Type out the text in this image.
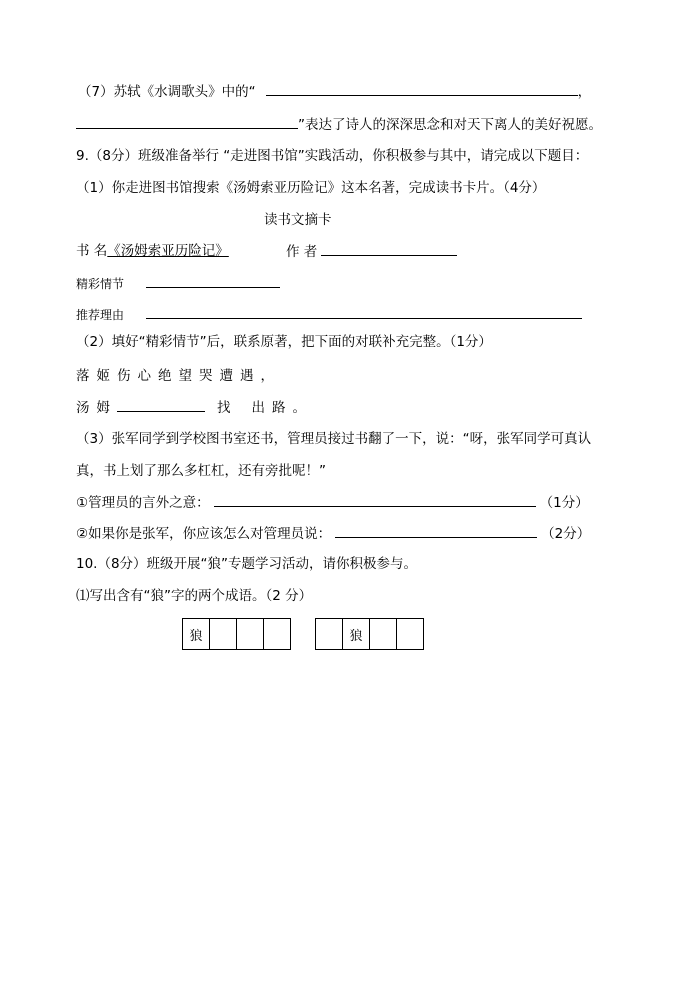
（7）苏轼《水调歌头》中的“	，
”表达了诗人的深深思念和对天下离人的美好祝愿。
9.（8分）班级准备举行 “走进图书馆”实践活动，你积极参与其中，请完成以下题目：
（1）你走进图书馆搜索《汤姆索亚历险记》这本名著，完成读书卡片。（4分）
读书文摘卡
书 名《汤姆索亚历险记》	作 者
精彩情节
推荐理由
（2）填好“精彩情节”后，联系原著，把下面的对联补充完整。（1分）
落姬伤心绝望哭遭遇，
汤姆	找 出路。
（3）张军同学到学校图书室还书，管理员接过书翻了一下，说：“呀，张军同学可真认
真，书上划了那么多杠杠，还有旁批呢！”
①管理员的言外之意：	（1分）
②如果你是张军，你应该怎么对管理员说：	（2分）
10.（8分）班级开展“狼”专题学习活动，请你积极参与。
⑴写出含有“狼”字的两个成语。（2 分）
狼	狼
